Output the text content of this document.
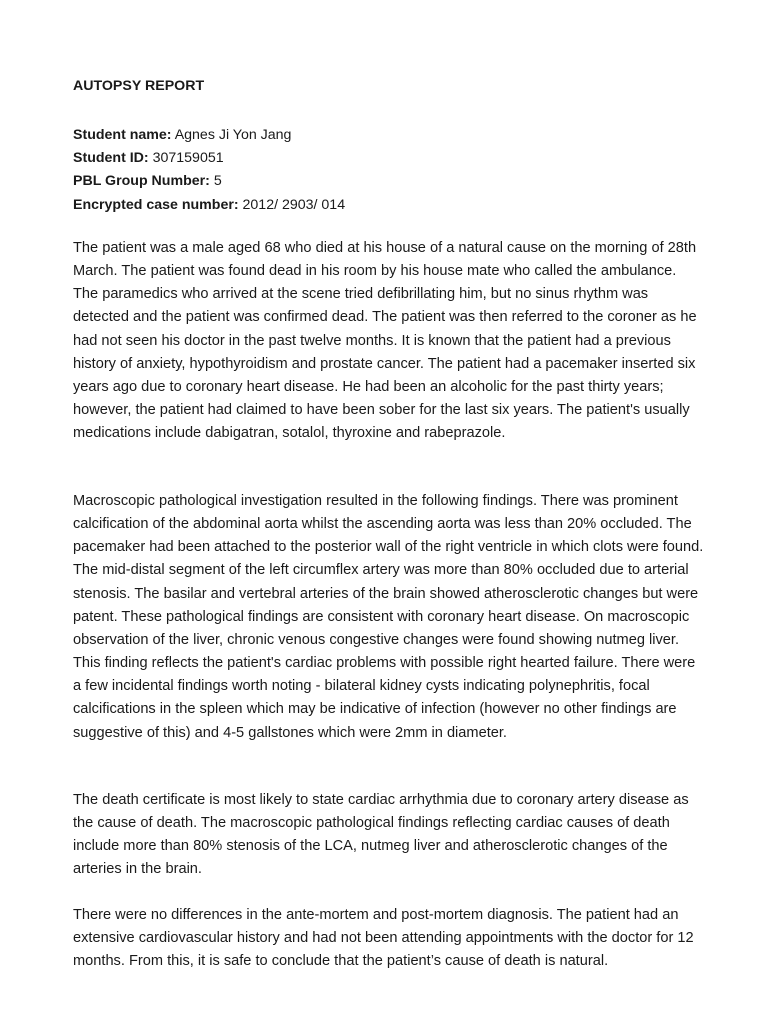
AUTOPSY REPORT
Student name: Agnes Ji Yon Jang
Student ID: 307159051
PBL Group Number: 5
Encrypted case number: 2012/ 2903/ 014

The patient was a male aged 68 who died at his house of a natural cause on the morning of 28th March. The patient was found dead in his room by his house mate who called the ambulance. The paramedics who arrived at the scene tried defibrillating him, but no sinus rhythm was detected and the patient was confirmed dead. The patient was then referred to the coroner as he had not seen his doctor in the past twelve months. It is known that the patient had a previous history of anxiety, hypothyroidism and prostate cancer. The patient had a pacemaker inserted six years ago due to coronary heart disease. He had been an alcoholic for the past thirty years; however, the patient had claimed to have been sober for the last six years. The patient's usually medications include dabigatran, sotalol, thyroxine and rabeprazole.

Macroscopic pathological investigation resulted in the following findings. There was prominent calcification of the abdominal aorta whilst the ascending aorta was less than 20% occluded. The pacemaker had been attached to the posterior wall of the right ventricle in which clots were found. The mid-distal segment of the left circumflex artery was more than 80% occluded due to arterial stenosis. The basilar and vertebral arteries of the brain showed atherosclerotic changes but were patent. These pathological findings are consistent with coronary heart disease. On macroscopic observation of the liver, chronic venous congestive changes were found showing nutmeg liver. This finding reflects the patient's cardiac problems with possible right hearted failure. There were a few incidental findings worth noting - bilateral kidney cysts indicating polynephritis, focal calcifications in the spleen which may be indicative of infection (however no other findings are suggestive of this) and 4-5 gallstones which were 2mm in diameter.

The death certificate is most likely to state cardiac arrhythmia due to coronary artery disease as the cause of death. The macroscopic pathological findings reflecting cardiac causes of death include more than 80% stenosis of the LCA, nutmeg liver and atherosclerotic changes of the arteries in the brain.

There were no differences in the ante-mortem and post-mortem diagnosis. The patient had an extensive cardiovascular history and had not been attending appointments with the doctor for 12 months. From this, it is safe to conclude that the patient’s cause of death is natural.
